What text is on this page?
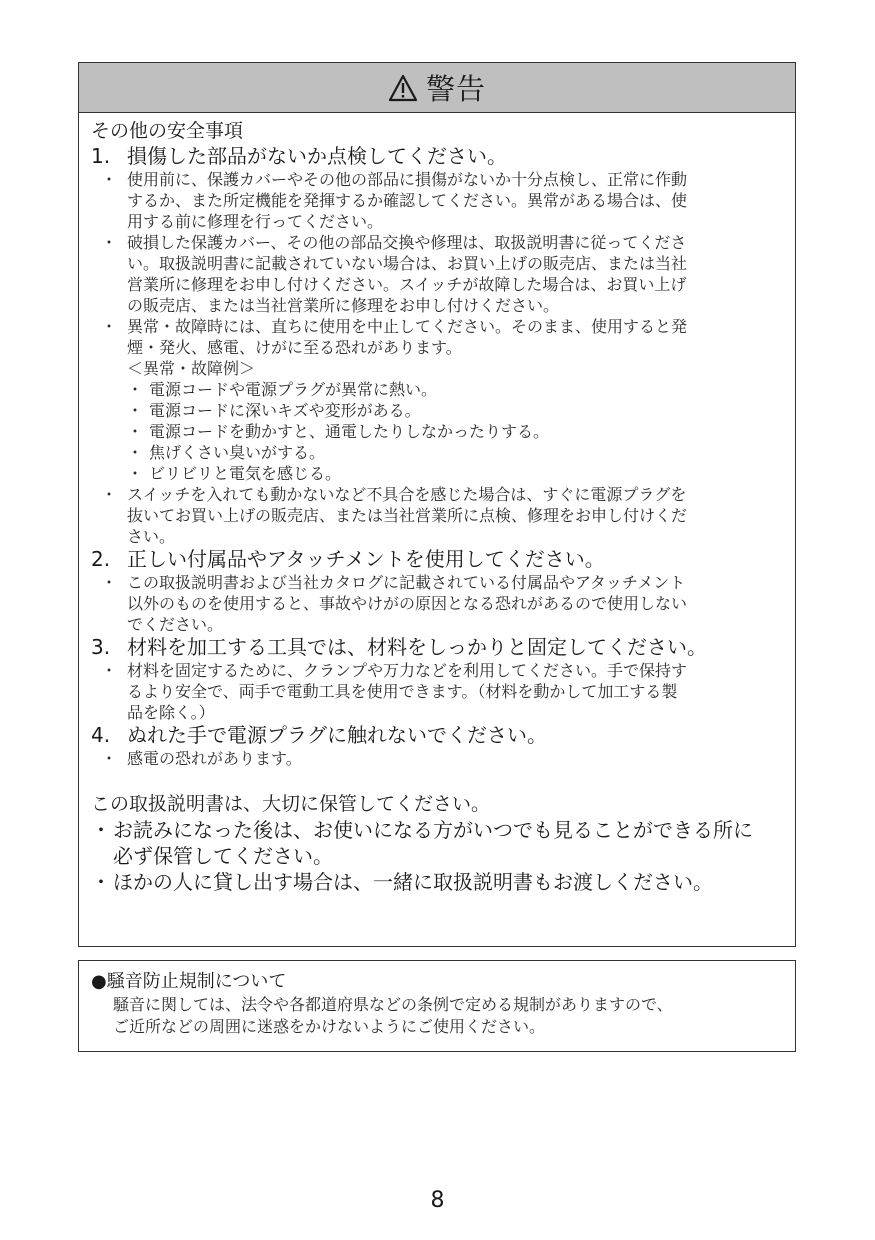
警告
その他の安全事項
1. 損傷した部品がないか点検してください。
・ 使用前に、保護カバーやその他の部品に損傷がないか十分点検し、正常に作動
するか、また所定機能を発揮するか確認してください。異常がある場合は、使
用する前に修理を行ってください。
・ 破損した保護カバー、その他の部品交換や修理は、取扱説明書に従ってくださ
い。取扱説明書に記載されていない場合は、お買い上げの販売店、または当社
営業所に修理をお申し付けください。スイッチが故障した場合は、お買い上げ
の販売店、または当社営業所に修理をお申し付けください。
・ 異常・故障時には、直ちに使用を中止してください。そのまま、使用すると発
煙・発火、感電、けがに至る恐れがあります。
＜異常・故障例＞
・ 電源コードや電源プラグが異常に熱い。
・ 電源コードに深いキズや変形がある。
・ 電源コードを動かすと、通電したりしなかったりする。
・ 焦げくさい臭いがする。
・ ビリビリと電気を感じる。
・ スイッチを入れても動かないなど不具合を感じた場合は、すぐに電源プラグを
抜いてお買い上げの販売店、または当社営業所に点検、修理をお申し付けくだ
さい。
2. 正しい付属品やアタッチメントを使用してください。
・ この取扱説明書および当社カタログに記載されている付属品やアタッチメント
以外のものを使用すると、事故やけがの原因となる恐れがあるので使用しない
でください。
3. 材料を加工する工具では、材料をしっかりと固定してください。
・ 材料を固定するために、クランプや万力などを利用してください。手で保持す
るより安全で、両手で電動工具を使用できます。（材料を動かして加工する製
品を除く。）
4. ぬれた手で電源プラグに触れないでください。
・ 感電の恐れがあります。
この取扱説明書は、大切に保管してください。
・ お読みになった後は、お使いになる方がいつでも見ることができる所に
必ず保管してください。
・ ほかの人に貸し出す場合は、一緒に取扱説明書もお渡しください。
●騒音防止規制について
騒音に関しては、法令や各都道府県などの条例で定める規制がありますので、
ご近所などの周囲に迷惑をかけないようにご使用ください。
8
